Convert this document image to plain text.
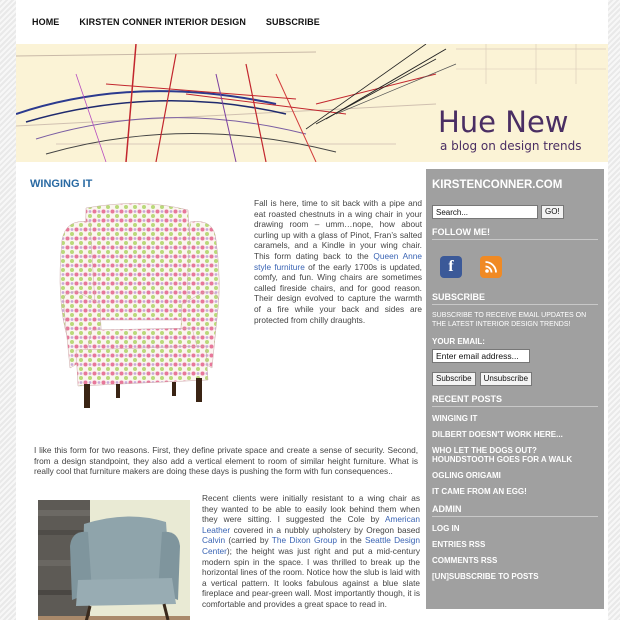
HOME KIRSTEN CONNER INTERIOR DESIGN SUBSCRIBE
Hue New
a blog on design trends
WINGING IT
Fall is here, time to sit back with a pipe and eat roasted chestnuts in a wing chair in your drawing room – umm…nope, how about curling up with a glass of Pinot, Fran’s salted caramels, and a Kindle in your wing chair. This form dating back to the Queen Anne style furniture of the early 1700s is updated, comfy, and fun. Wing chairs are sometimes called fireside chairs, and for good reason. Their design evolved to capture the warmth of a fire while your back and sides are protected from chilly draughts.
I like this form for two reasons. First, they define private space and create a sense of security. Second, from a design standpoint, they also add a vertical element to room of similar height furniture. What is really cool that furniture makers are doing these days is pushing the form with fun consequences..
Recent clients were initially resistant to a wing chair as they wanted to be able to easily look behind them when they were sitting. I suggested the Cole by American Leather covered in a nubbly upholstery by Oregon based Calvin (carried by The Dixon Group in the Seattle Design Center); the height was just right and put a mid-century modern spin in the space. I was thrilled to break up the horizontal lines of the room. Notice how the slub is laid with a vertical pattern. It looks fabulous against a blue slate fireplace and pear-green wall. Most importantly though, it is comfortable and provides a great space to read in.
KIRSTENCONNER.COM
Search...
GO!
FOLLOW ME!
f
SUBSCRIBE
SUBSCRIBE TO RECEIVE EMAIL UPDATES ON THE LATEST INTERIOR DESIGN TRENDS!
YOUR EMAIL:
Enter email address...
Subscribe	Unsubscribe
RECENT POSTS
WINGING IT
DILBERT DOESN'T WORK HERE...
WHO LET THE DOGS OUT? HOUNDSTOOTH GOES FOR A WALK
OGLING ORIGAMI
IT CAME FROM AN EGG!
ADMIN
LOG IN
ENTRIES RSS
COMMENTS RSS
[UN]SUBSCRIBE TO POSTS
